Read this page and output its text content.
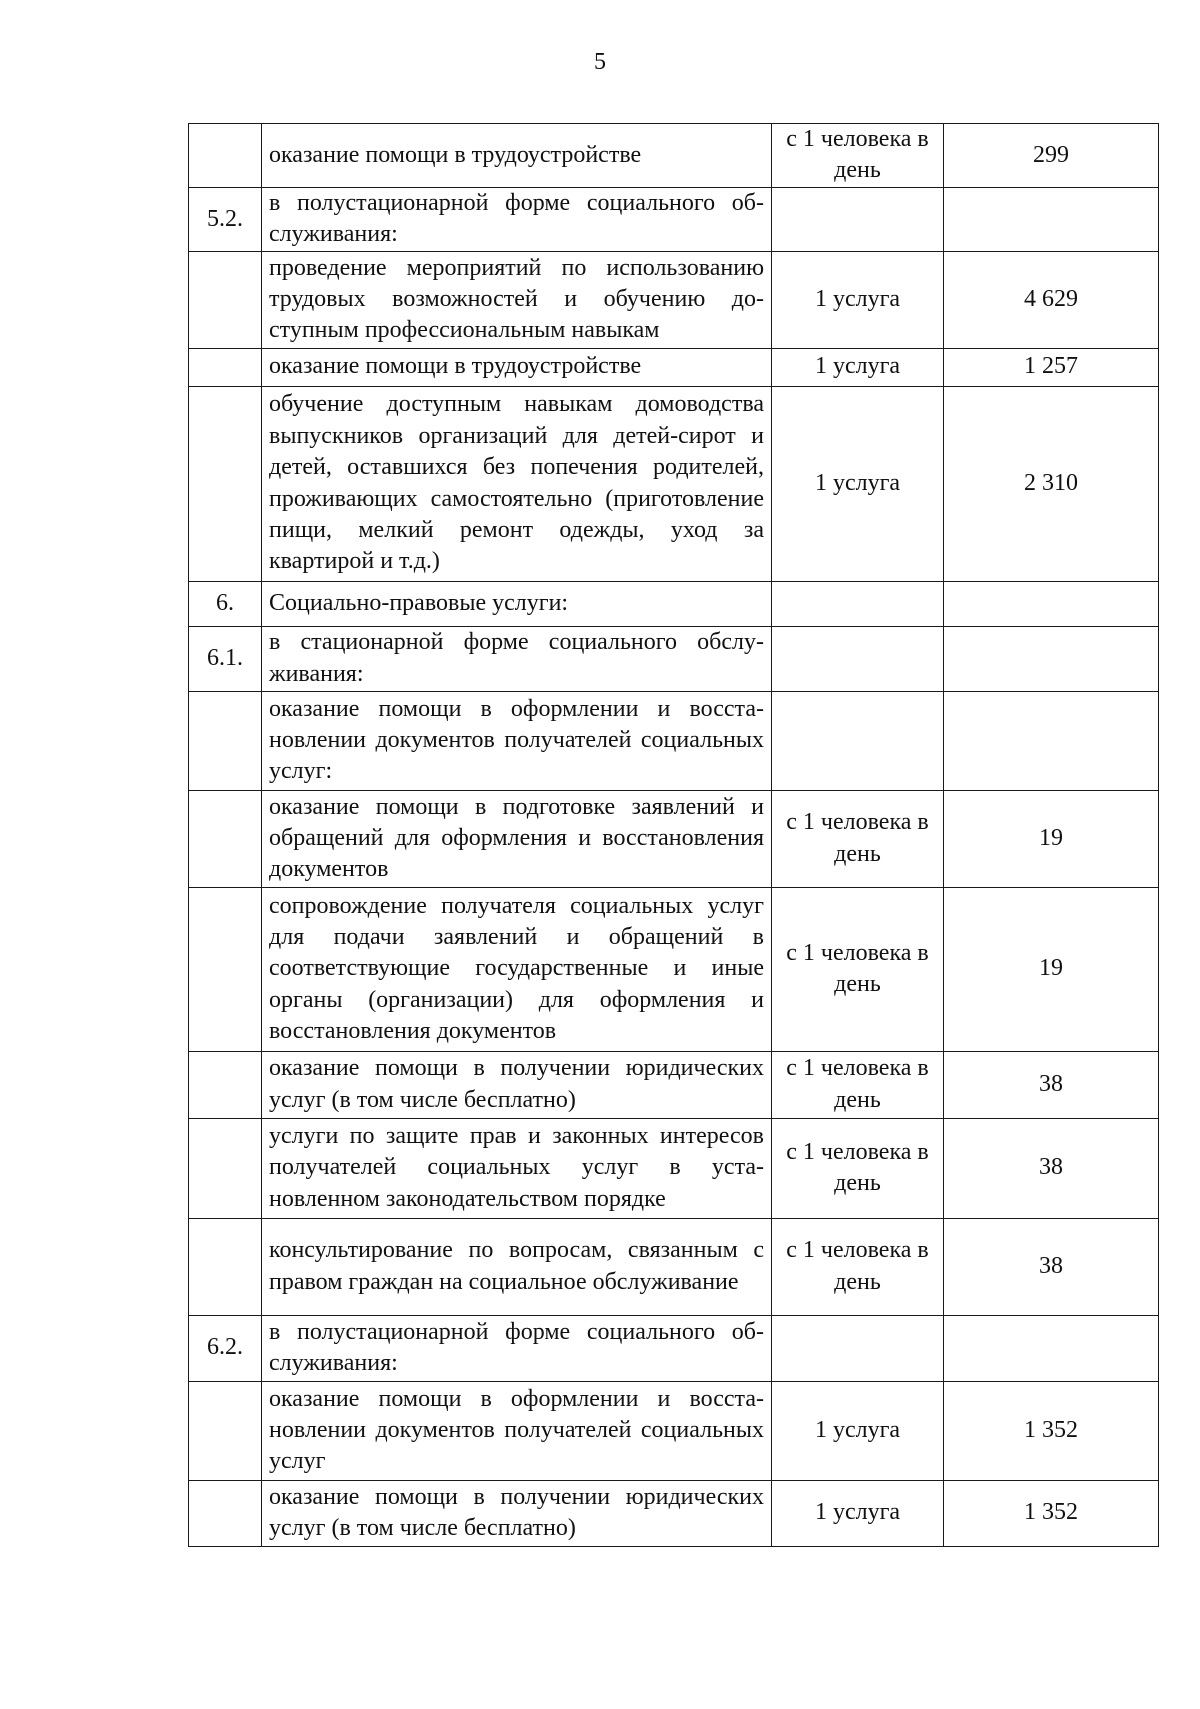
5
	оказание помощи в трудоустройстве	с 1 человека в день	299
5.2.	в полустационарной форме социального обслуживания:		
	проведение мероприятий по использованию трудовых возможностей и обучению доступным профессиональным навыкам	1 услуга	4 629
	оказание помощи в трудоустройстве	1 услуга	1 257
	обучение доступным навыкам домоводства выпускников организаций для детей-сирот и детей, оставшихся без попечения родителей, проживающих самостоятельно (приготовление пищи, мелкий ремонт одежды, уход за квартирой и т.д.)	1 услуга	2 310
6.	Социально-правовые услуги:		
6.1.	в стационарной форме социального обслуживания:		
	оказание помощи в оформлении и восстановлении документов получателей социальных услуг:		
	оказание помощи в подготовке заявлений и обращений для оформления и восстановления документов	с 1 человека в день	19
	сопровождение получателя социальных услуг для подачи заявлений и обращений в соответствующие государственные и иные органы (организации) для оформления и восстановления документов	с 1 человека в день	19
	оказание помощи в получении юридических услуг (в том числе бесплатно)	с 1 человека в день	38
	услуги по защите прав и законных интересов получателей социальных услуг в установленном законодательством порядке	с 1 человека в день	38
	консультирование по вопросам, связанным с правом граждан на социальное обслуживание	с 1 человека в день	38
6.2.	в полустационарной форме социального обслуживания:		
	оказание помощи в оформлении и восстановлении документов получателей социальных услуг	1 услуга	1 352
	оказание помощи в получении юридических услуг (в том числе бесплатно)	1 услуга	1 352
